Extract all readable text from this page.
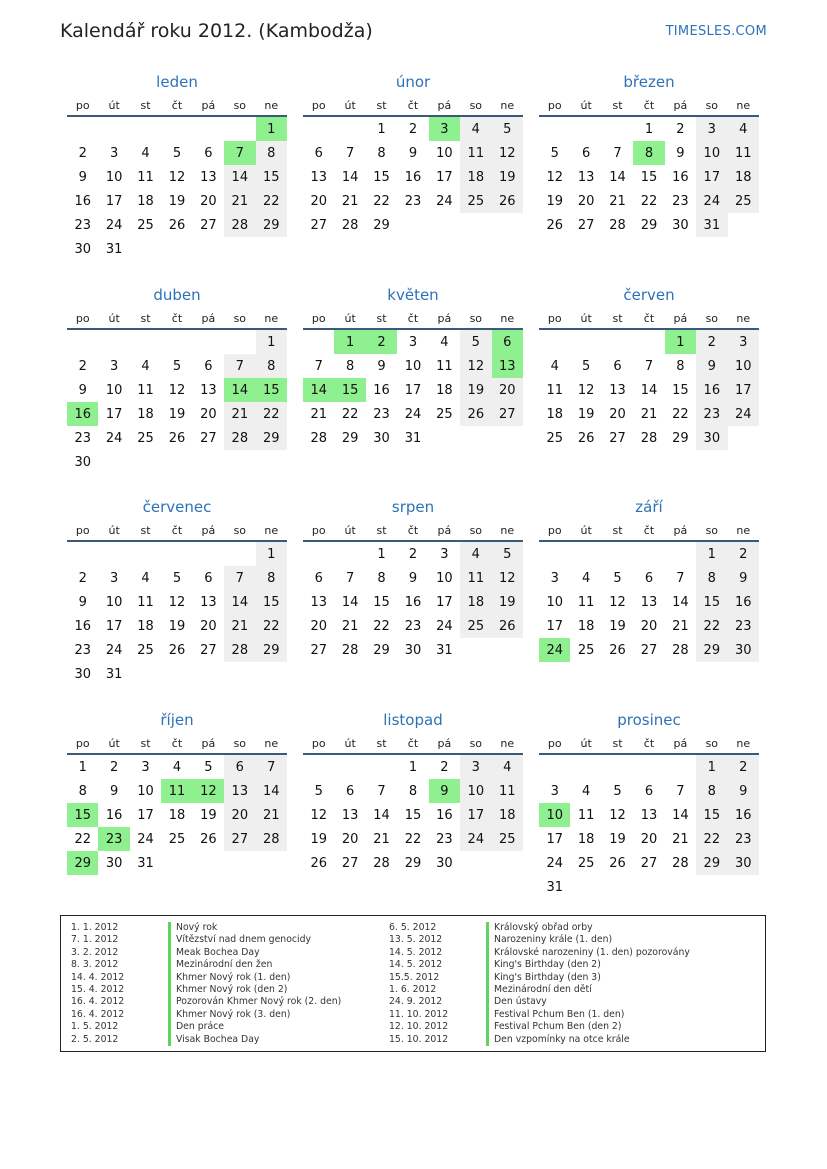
Kalendář roku 2012. (Kambodža)	TIMESLES.COM
leden
po	út	st	čt	pá	so	ne
						1
2	3	4	5	6	7	8
9	10	11	12	13	14	15
16	17	18	19	20	21	22
23	24	25	26	27	28	29
30	31					
únor
po	út	st	čt	pá	so	ne
		1	2	3	4	5
6	7	8	9	10	11	12
13	14	15	16	17	18	19
20	21	22	23	24	25	26
27	28	29				
březen
po	út	st	čt	pá	so	ne
			1	2	3	4
5	6	7	8	9	10	11
12	13	14	15	16	17	18
19	20	21	22	23	24	25
26	27	28	29	30	31	
duben
po	út	st	čt	pá	so	ne
						1
2	3	4	5	6	7	8
9	10	11	12	13	14	15
16	17	18	19	20	21	22
23	24	25	26	27	28	29
30						
květen
po	út	st	čt	pá	so	ne
	1	2	3	4	5	6
7	8	9	10	11	12	13
14	15	16	17	18	19	20
21	22	23	24	25	26	27
28	29	30	31			
červen
po	út	st	čt	pá	so	ne
				1	2	3
4	5	6	7	8	9	10
11	12	13	14	15	16	17
18	19	20	21	22	23	24
25	26	27	28	29	30	
červenec
po	út	st	čt	pá	so	ne
						1
2	3	4	5	6	7	8
9	10	11	12	13	14	15
16	17	18	19	20	21	22
23	24	25	26	27	28	29
30	31					
srpen
po	út	st	čt	pá	so	ne
		1	2	3	4	5
6	7	8	9	10	11	12
13	14	15	16	17	18	19
20	21	22	23	24	25	26
27	28	29	30	31		
září
po	út	st	čt	pá	so	ne
					1	2
3	4	5	6	7	8	9
10	11	12	13	14	15	16
17	18	19	20	21	22	23
24	25	26	27	28	29	30
říjen
po	út	st	čt	pá	so	ne
1	2	3	4	5	6	7
8	9	10	11	12	13	14
15	16	17	18	19	20	21
22	23	24	25	26	27	28
29	30	31				
listopad
po	út	st	čt	pá	so	ne
			1	2	3	4
5	6	7	8	9	10	11
12	13	14	15	16	17	18
19	20	21	22	23	24	25
26	27	28	29	30		
prosinec
po	út	st	čt	pá	so	ne
					1	2
3	4	5	6	7	8	9
10	11	12	13	14	15	16
17	18	19	20	21	22	23
24	25	26	27	28	29	30
31						
1. 1. 2012	Nový rok
7. 1. 2012	Vítězství nad dnem genocidy
3. 2. 2012	Meak Bochea Day
8. 3. 2012	Mezinárodní den žen
14. 4. 2012	Khmer Nový rok (1. den)
15. 4. 2012	Khmer Nový rok (den 2)
16. 4. 2012	Pozorován Khmer Nový rok (2. den)
16. 4. 2012	Khmer Nový rok (3. den)
1. 5. 2012	Den práce
2. 5. 2012	Visak Bochea Day
6. 5. 2012	Královský obřad orby
13. 5. 2012	Narozeniny krále (1. den)
14. 5. 2012	Královské narozeniny (1. den) pozorovány
14. 5. 2012	King's Birthday (den 2)
15.5. 2012	King's Birthday (den 3)
1. 6. 2012	Mezinárodní den dětí
24. 9. 2012	Den ústavy
11. 10. 2012	Festival Pchum Ben (1. den)
12. 10. 2012	Festival Pchum Ben (den 2)
15. 10. 2012	Den vzpomínky na otce krále
